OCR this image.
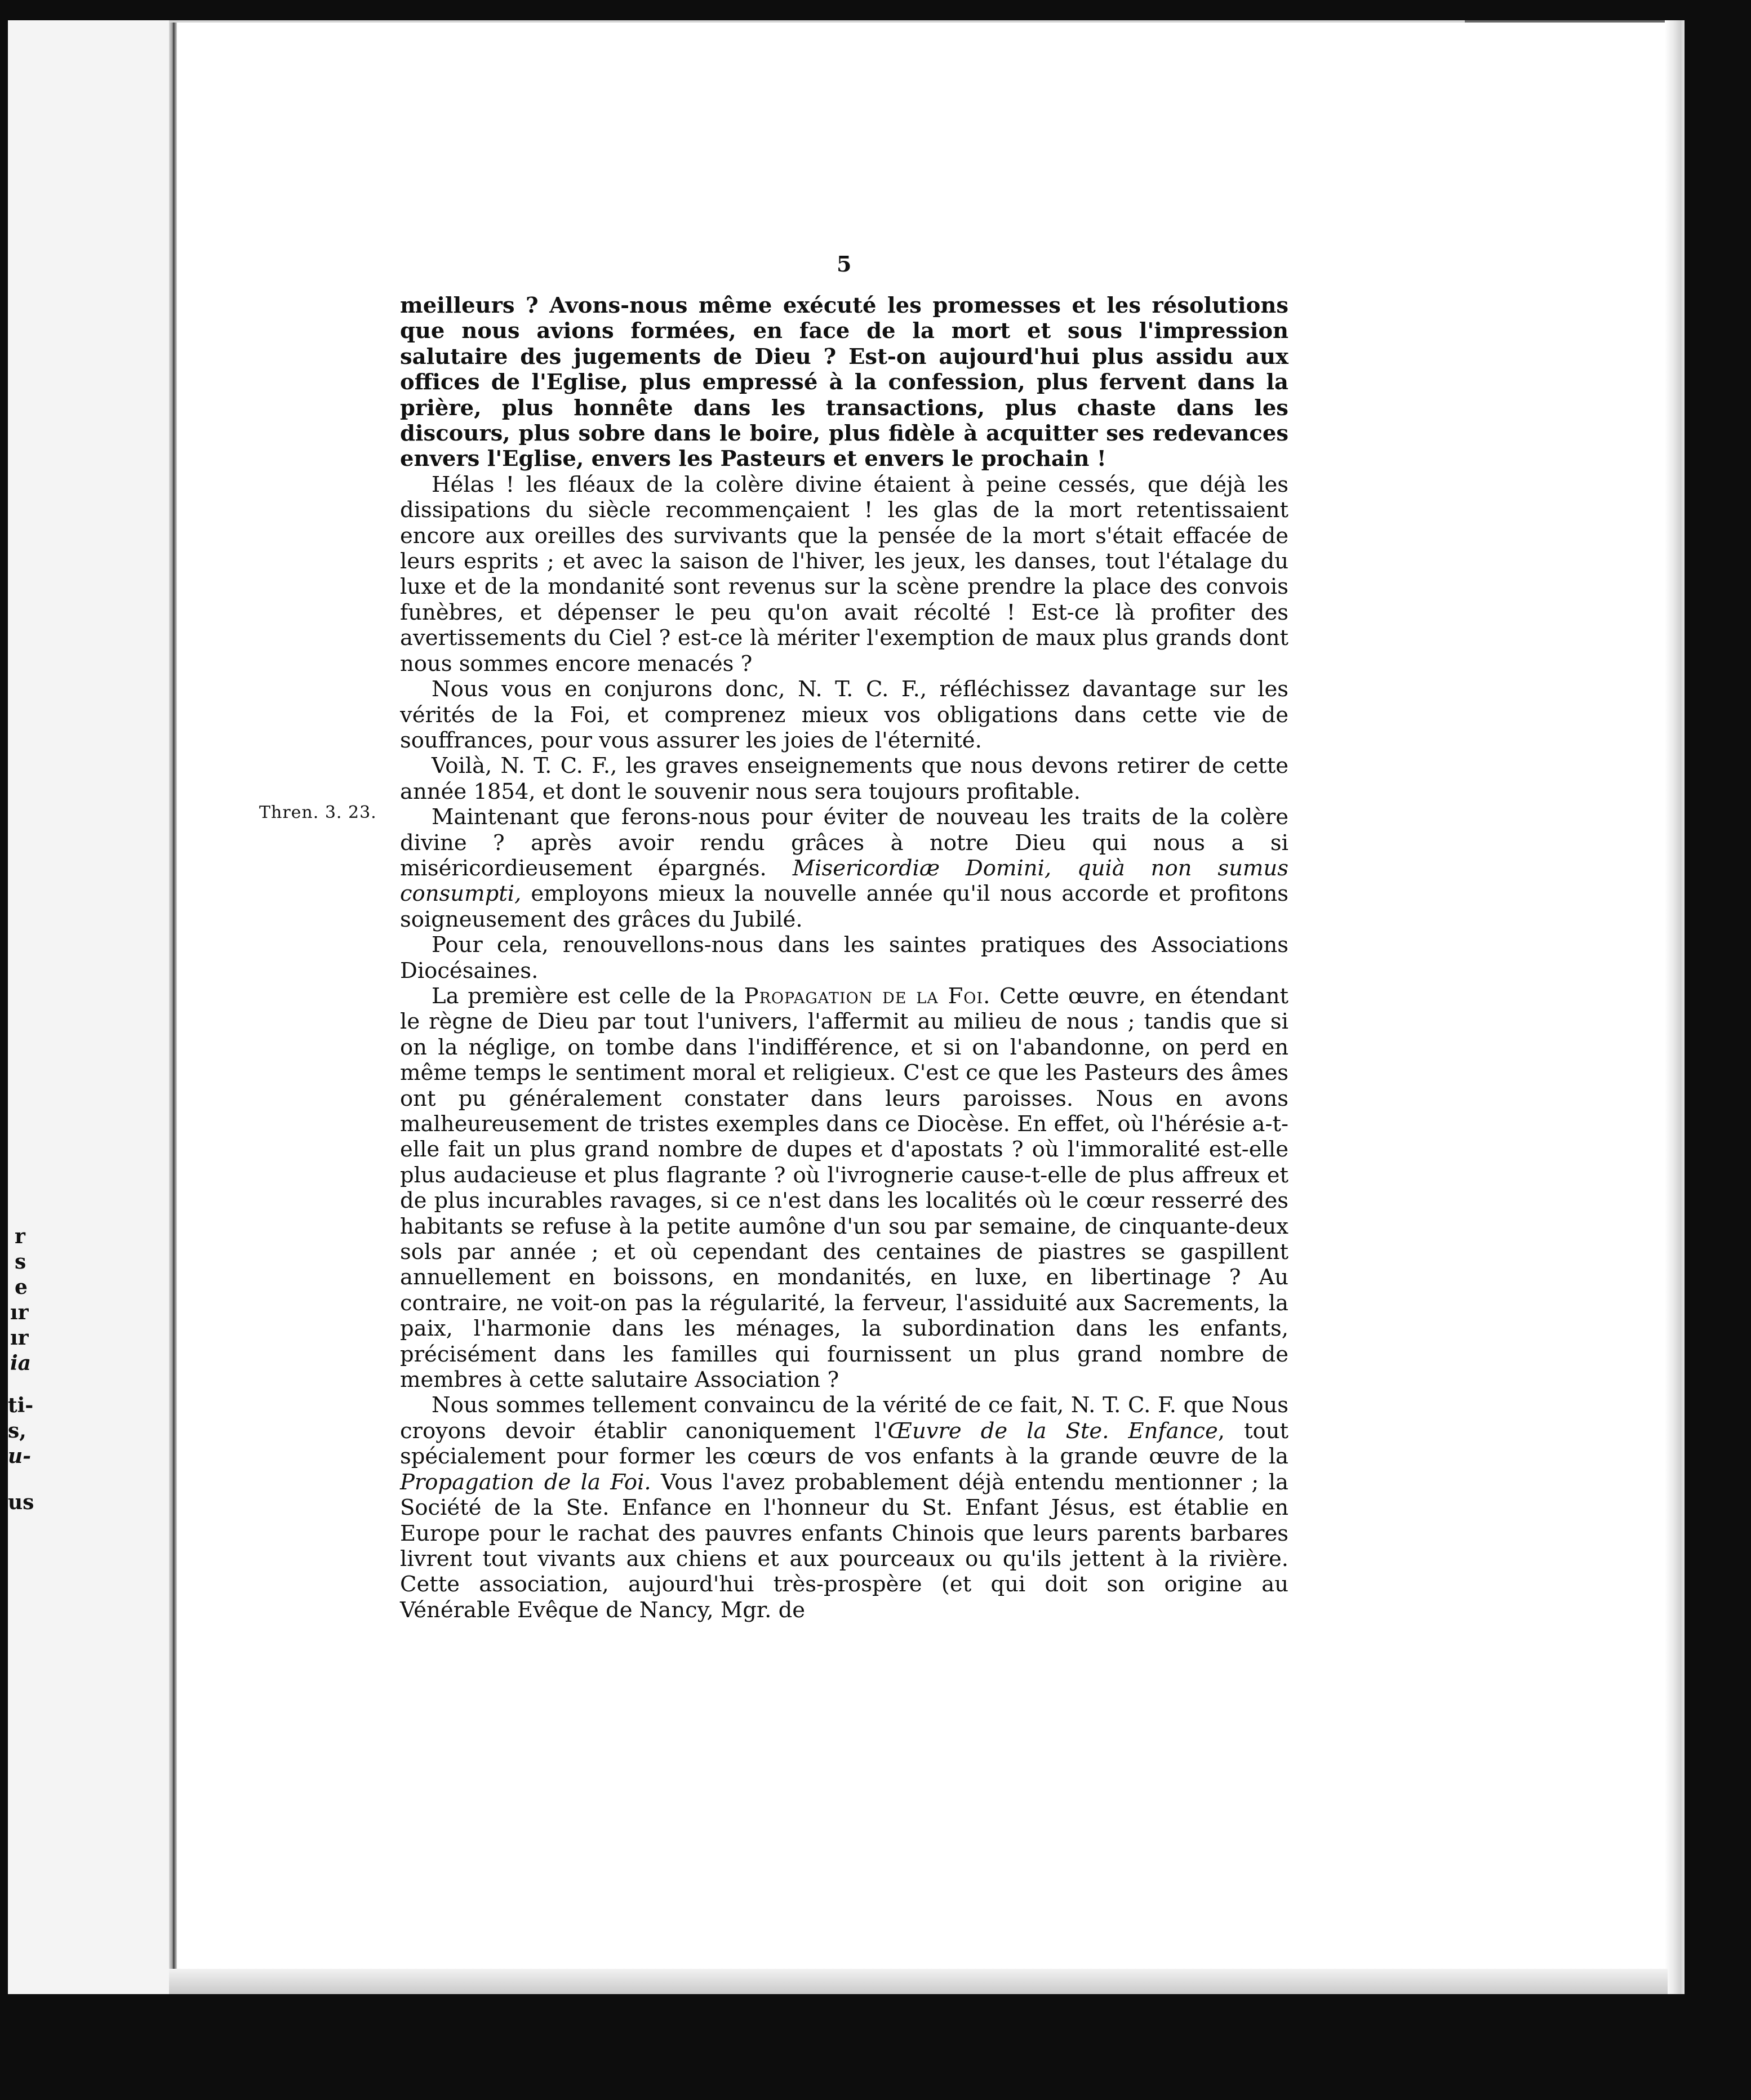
r
s
e
ır
ır
ia
ti-
s,
u-
us
5
Thren. 3. 23.

meilleurs ? Avons-nous même exécuté les promesses et les résolutions que nous avions formées, en face de la mort et sous l'impression salutaire des jugements de Dieu ? Est-on aujourd'hui plus assidu aux offices de l'Eglise, plus empressé à la confession, plus fervent dans la prière, plus honnête dans les transactions, plus chaste dans les discours, plus sobre dans le boire, plus fidèle à acquitter ses redevances envers l'Eglise, envers les Pasteurs et envers le prochain !

Hélas ! les fléaux de la colère divine étaient à peine cessés, que déjà les dissipations du siècle recommençaient ! les glas de la mort retentissaient encore aux oreilles des survivants que la pensée de la mort s'était effacée de leurs esprits ; et avec la saison de l'hiver, les jeux, les danses, tout l'étalage du luxe et de la mondanité sont revenus sur la scène prendre la place des convois funèbres, et dépenser le peu qu'on avait récolté ! Est-ce là profiter des avertissements du Ciel ? est-ce là mériter l'exemption de maux plus grands dont nous sommes encore menacés ?

Nous vous en conjurons donc, N. T. C. F., réfléchissez davantage sur les vérités de la Foi, et comprenez mieux vos obligations dans cette vie de souffrances, pour vous assurer les joies de l'éternité.

Voilà, N. T. C. F., les graves enseignements que nous devons retirer de cette année 1854, et dont le souvenir nous sera toujours profitable.

Maintenant que ferons-nous pour éviter de nouveau les traits de la colère divine ? après avoir rendu grâces à notre Dieu qui nous a si miséricordieusement épargnés. Misericordiæ Domini, quià non sumus consumpti, employons mieux la nouvelle année qu'il nous accorde et profitons soigneusement des grâces du Jubilé.

Pour cela, renouvellons-nous dans les saintes pratiques des Associations Diocésaines.

La première est celle de la Propagation de la Foi. Cette œuvre, en étendant le règne de Dieu par tout l'univers, l'affermit au milieu de nous ; tandis que si on la néglige, on tombe dans l'indifférence, et si on l'abandonne, on perd en même temps le sentiment moral et religieux. C'est ce que les Pasteurs des âmes ont pu généralement constater dans leurs paroisses. Nous en avons malheureusement de tristes exemples dans ce Diocèse. En effet, où l'hérésie a-t-elle fait un plus grand nombre de dupes et d'apostats ? où l'immoralité est-elle plus audacieuse et plus flagrante ? où l'ivrognerie cause-t-elle de plus affreux et de plus incurables ravages, si ce n'est dans les localités où le cœur resserré des habitants se refuse à la petite aumône d'un sou par semaine, de cinquante-deux sols par année ; et où cependant des centaines de piastres se gaspillent annuellement en boissons, en mondanités, en luxe, en libertinage ? Au contraire, ne voit-on pas la régularité, la ferveur, l'assiduité aux Sacrements, la paix, l'harmonie dans les ménages, la subordination dans les enfants, précisément dans les familles qui fournissent un plus grand nombre de membres à cette salutaire Association ?

Nous sommes tellement convaincu de la vérité de ce fait, N. T. C. F. que Nous croyons devoir établir canoniquement l'Œuvre de la Ste. Enfance, tout spécialement pour former les cœurs de vos enfants à la grande œuvre de la Propagation de la Foi. Vous l'avez probablement déjà entendu mentionner ; la Société de la Ste. Enfance en l'honneur du St. Enfant Jésus, est établie en Europe pour le rachat des pauvres enfants Chinois que leurs parents barbares livrent tout vivants aux chiens et aux pourceaux ou qu'ils jettent à la rivière. Cette association, aujourd'hui très-prospère (et qui doit son origine au Vénérable Evêque de Nancy, Mgr. de
